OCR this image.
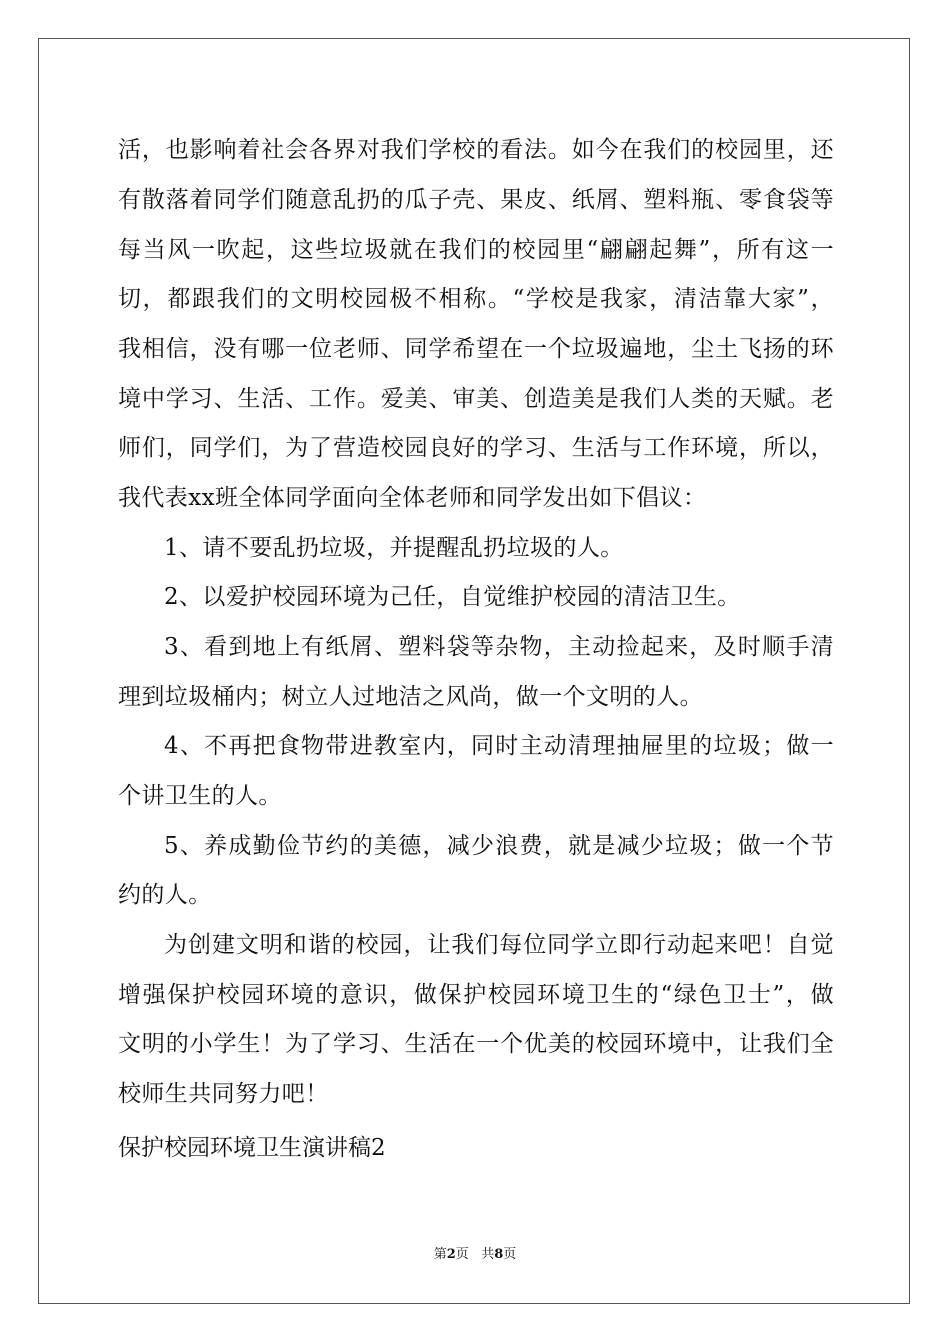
活，也影响着社会各界对我们学校的看法。如今在我们的校园里，还
有散落着同学们随意乱扔的瓜子壳、果皮、纸屑、塑料瓶、零食袋等
每当风一吹起，这些垃圾就在我们的校园里“翩翩起舞”，所有这一
切，都跟我们的文明校园极不相称。“学校是我家，清洁靠大家”，
我相信，没有哪一位老师、同学希望在一个垃圾遍地，尘土飞扬的环
境中学习、生活、工作。爱美、审美、创造美是我们人类的天赋。老
师们，同学们，为了营造校园良好的学习、生活与工作环境，所以，
我代表xx班全体同学面向全体老师和同学发出如下倡议：
1、请不要乱扔垃圾，并提醒乱扔垃圾的人。
2、以爱护校园环境为己任，自觉维护校园的清洁卫生。
3、看到地上有纸屑、塑料袋等杂物，主动捡起来，及时顺手清
理到垃圾桶内；树立人过地洁之风尚，做一个文明的人。
4、不再把食物带进教室内，同时主动清理抽屉里的垃圾；做一
个讲卫生的人。
5、养成勤俭节约的美德，减少浪费，就是减少垃圾；做一个节
约的人。
为创建文明和谐的校园，让我们每位同学立即行动起来吧！自觉
增强保护校园环境的意识，做保护校园环境卫生的“绿色卫士”，做
文明的小学生！为了学习、生活在一个优美的校园环境中，让我们全
校师生共同努力吧！
保护校园环境卫生演讲稿2
第2页 共8页
